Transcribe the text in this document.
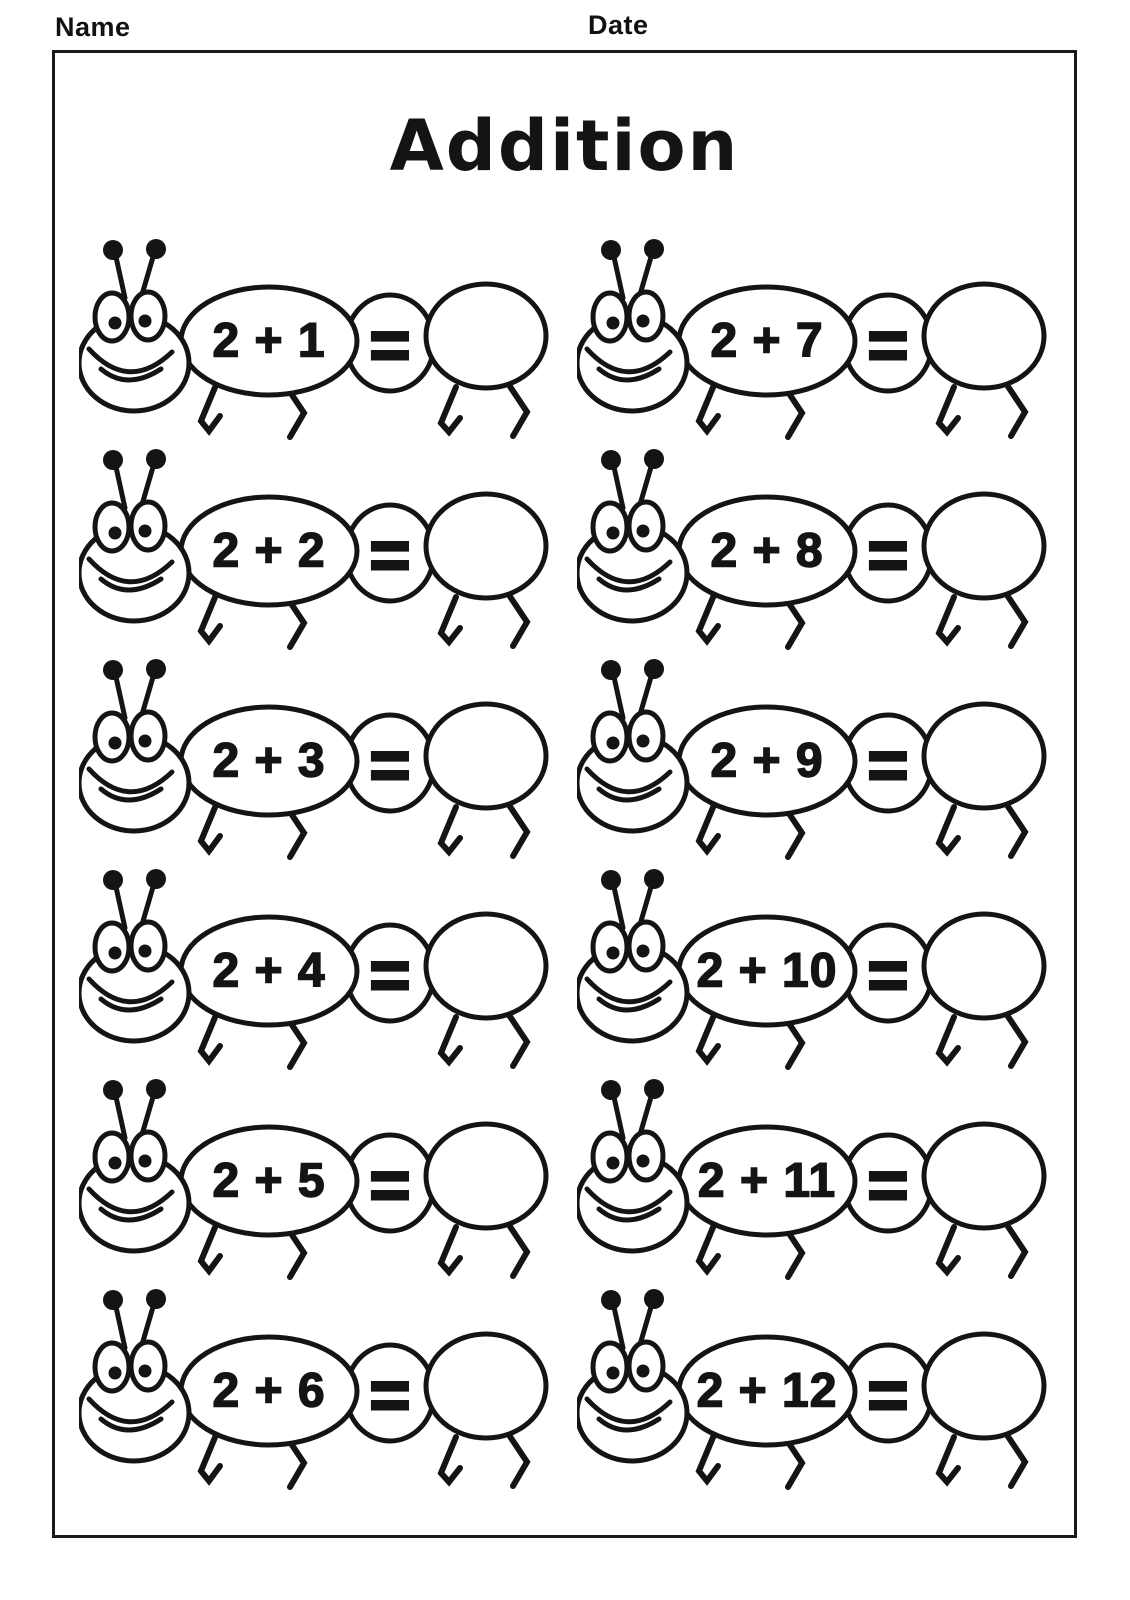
Name	Date
Addition
2 + 1 =	2 + 7 =
2 + 2 =	2 + 8 =
2 + 3 =	2 + 9 =
2 + 4 =	2 + 10 =
2 + 5 =	2 + 11 =
2 + 6 =	2 + 12 =
